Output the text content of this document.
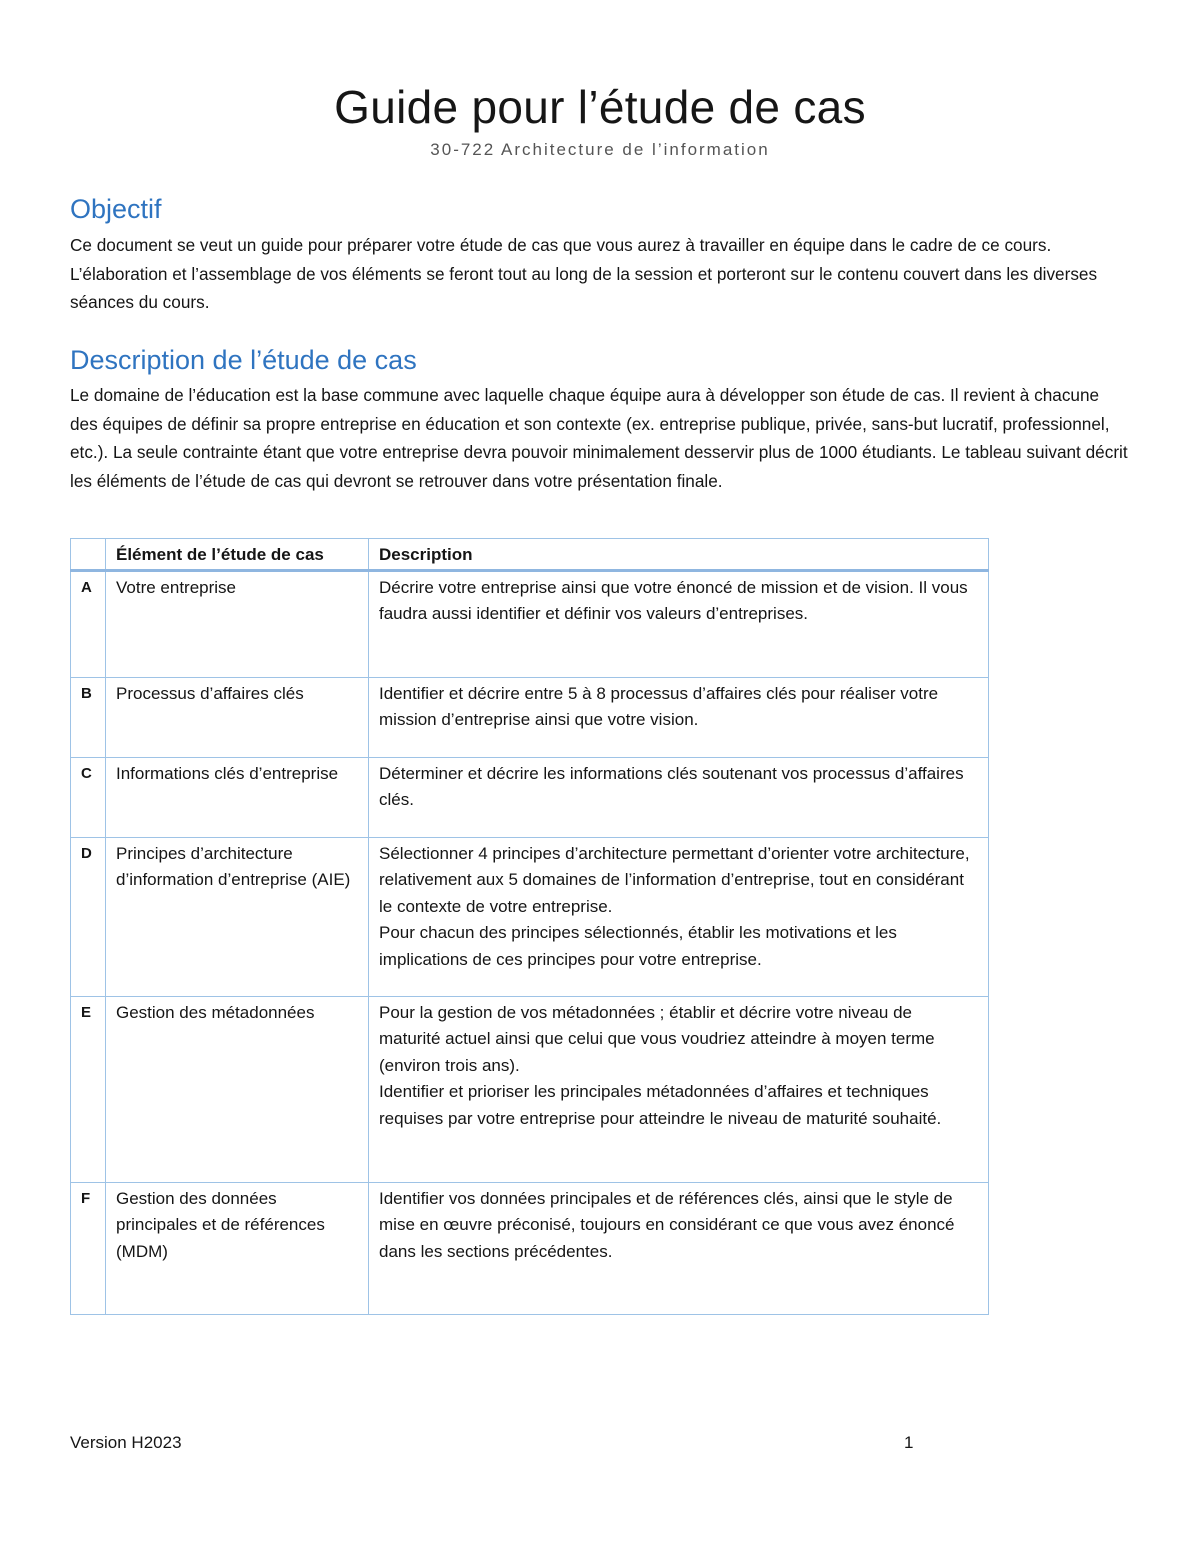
Guide pour l’étude de cas
30-722 Architecture de l’information
Objectif

Ce document se veut un guide pour préparer votre étude de cas que vous aurez à travailler en équipe dans le cadre de ce cours. L’élaboration et l’assemblage de vos éléments se feront tout au long de la session et porteront sur le contenu couvert dans les diverses séances du cours.

Description de l’étude de cas

Le domaine de l’éducation est la base commune avec laquelle chaque équipe aura à développer son étude de cas. Il revient à chacune des équipes de définir sa propre entreprise en éducation et son contexte (ex. entreprise publique, privée, sans-but lucratif, professionnel, etc.). La seule contrainte étant que votre entreprise devra pouvoir minimalement desservir plus de 1000 étudiants. Le tableau suivant décrit les éléments de l’étude de cas qui devront se retrouver dans votre présentation finale.

	Élément de l’étude de cas	Description
A	Votre entreprise	Décrire votre entreprise ainsi que votre énoncé de mission et de vision. Il vous faudra aussi identifier et définir vos valeurs d’entreprises.
B	Processus d’affaires clés	Identifier et décrire entre 5 à 8 processus d’affaires clés pour réaliser votre mission d’entreprise ainsi que votre vision.
C	Informations clés d’entreprise	Déterminer et décrire les informations clés soutenant vos processus d’affaires clés.
D	Principes d’architecture d’information d’entreprise (AIE)	Sélectionner 4 principes d’architecture permettant d’orienter votre architecture, relativement aux 5 domaines de l’information d’entreprise, tout en considérant le contexte de votre entreprise.
Pour chacun des principes sélectionnés, établir les motivations et les implications de ces principes pour votre entreprise.
E	Gestion des métadonnées	Pour la gestion de vos métadonnées ; établir et décrire votre niveau de maturité actuel ainsi que celui que vous voudriez atteindre à moyen terme (environ trois ans).
Identifier et prioriser les principales métadonnées d’affaires et techniques requises par votre entreprise pour atteindre le niveau de maturité souhaité.
F	Gestion des données principales et de références (MDM)	Identifier vos données principales et de références clés, ainsi que le style de mise en œuvre préconisé, toujours en considérant ce que vous avez énoncé dans les sections précédentes.
Version H2023	1
